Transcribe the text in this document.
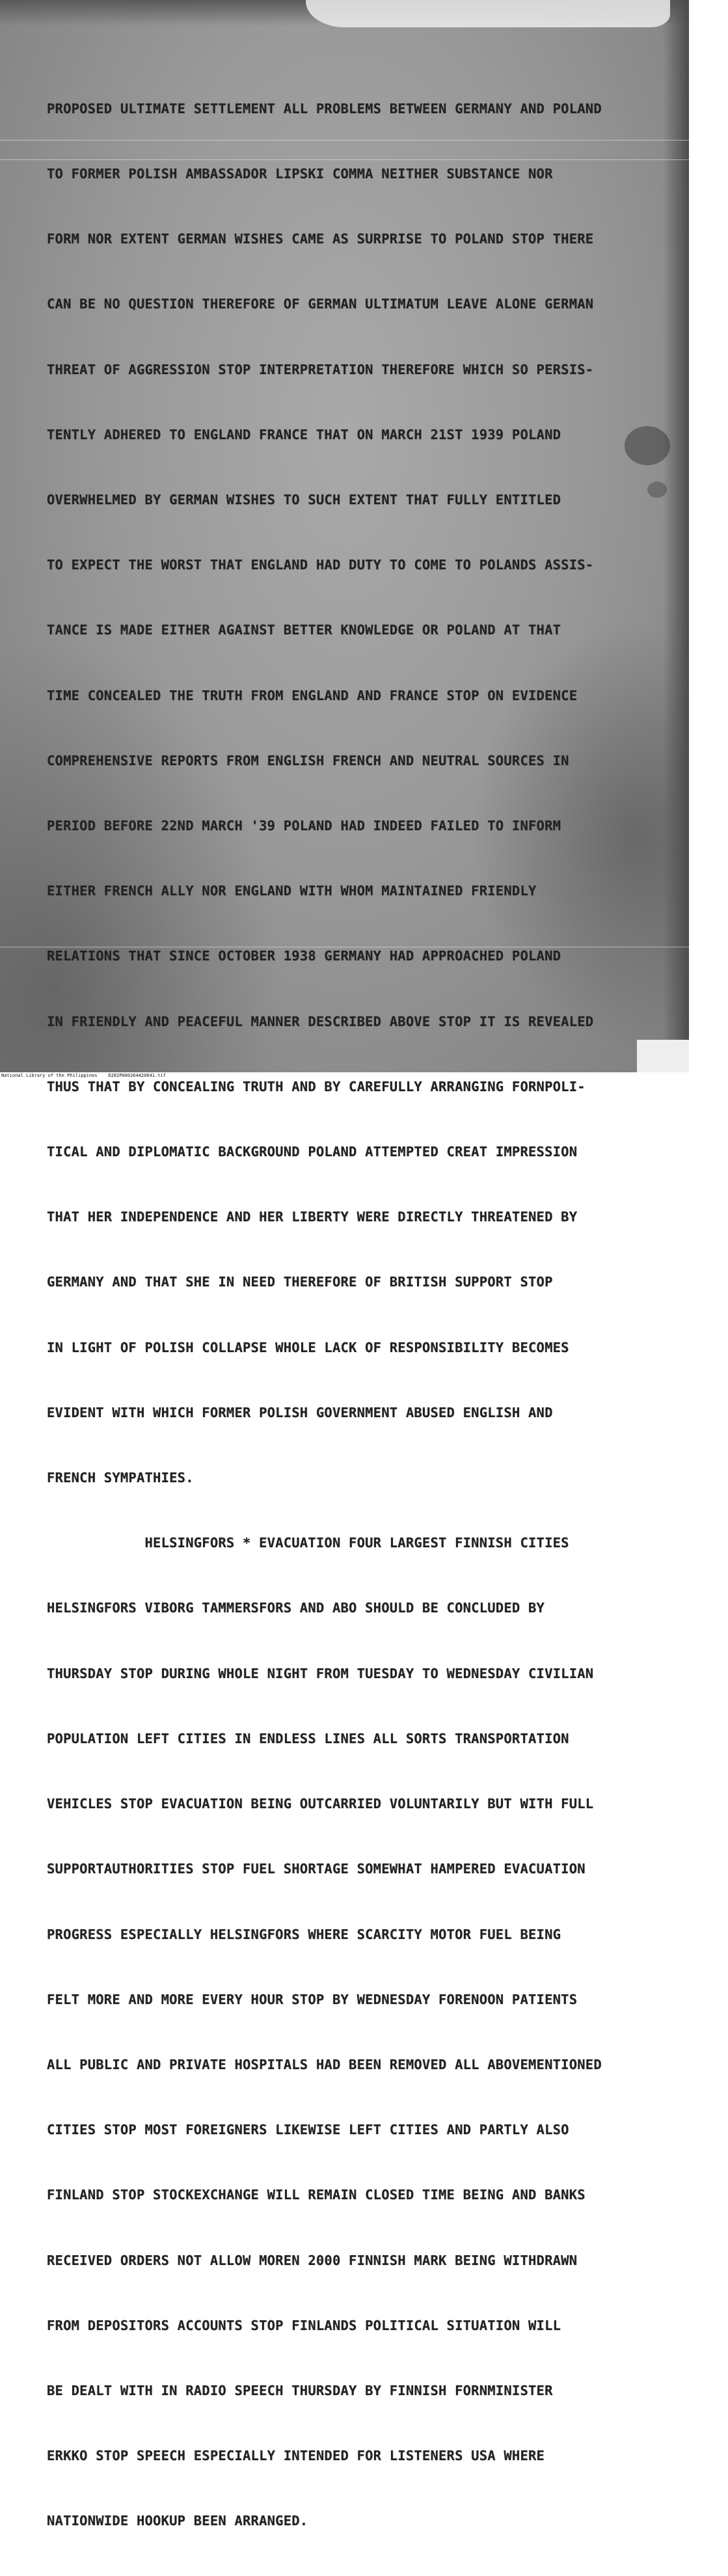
PROPOSED ULTIMATE SETTLEMENT ALL PROBLEMS BETWEEN GERMANY AND POLAND

TO FORMER POLISH AMBASSADOR LIPSKI COMMA NEITHER SUBSTANCE NOR

FORM NOR EXTENT GERMAN WISHES CAME AS SURPRISE TO POLAND STOP THERE

CAN BE NO QUESTION THEREFORE OF GERMAN ULTIMATUM LEAVE ALONE GERMAN

THREAT OF AGGRESSION STOP INTERPRETATION THEREFORE WHICH SO PERSIS-

TENTLY ADHERED TO ENGLAND FRANCE THAT ON MARCH 21ST 1939 POLAND

OVERWHELMED BY GERMAN WISHES TO SUCH EXTENT THAT FULLY ENTITLED

TO EXPECT THE WORST THAT ENGLAND HAD DUTY TO COME TO POLANDS ASSIS-

TANCE IS MADE EITHER AGAINST BETTER KNOWLEDGE OR POLAND AT THAT

TIME CONCEALED THE TRUTH FROM ENGLAND AND FRANCE STOP ON EVIDENCE

COMPREHENSIVE REPORTS FROM ENGLISH FRENCH AND NEUTRAL SOURCES IN

PERIOD BEFORE 22ND MARCH '39 POLAND HAD INDEED FAILED TO INFORM

EITHER FRENCH ALLY NOR ENGLAND WITH WHOM MAINTAINED FRIENDLY

RELATIONS THAT SINCE OCTOBER 1938 GERMANY HAD APPROACHED POLAND

IN FRIENDLY AND PEACEFUL MANNER DESCRIBED ABOVE STOP IT IS REVEALED

THUS THAT BY CONCEALING TRUTH AND BY CAREFULLY ARRANGING FORNPOLI-

TICAL AND DIPLOMATIC BACKGROUND POLAND ATTEMPTED CREAT IMPRESSION

THAT HER INDEPENDENCE AND HER LIBERTY WERE DIRECTLY THREATENED BY

GERMANY AND THAT SHE IN NEED THEREFORE OF BRITISH SUPPORT STOP

IN LIGHT OF POLISH COLLAPSE WHOLE LACK OF RESPONSIBILITY BECOMES

EVIDENT WITH WHICH FORMER POLISH GOVERNMENT ABUSED ENGLISH AND

FRENCH SYMPATHIES.

HELSINGFORS * EVACUATION FOUR LARGEST FINNISH CITIES

HELSINGFORS VIBORG TAMMERSFORS AND ABO SHOULD BE CONCLUDED BY

THURSDAY STOP DURING WHOLE NIGHT FROM TUESDAY TO WEDNESDAY CIVILIAN

POPULATION LEFT CITIES IN ENDLESS LINES ALL SORTS TRANSPORTATION

VEHICLES STOP EVACUATION BEING OUTCARRIED VOLUNTARILY BUT WITH FULL

SUPPORTAUTHORITIES STOP FUEL SHORTAGE SOMEWHAT HAMPERED EVACUATION

PROGRESS ESPECIALLY HELSINGFORS WHERE SCARCITY MOTOR FUEL BEING

FELT MORE AND MORE EVERY HOUR STOP BY WEDNESDAY FORENOON PATIENTS

ALL PUBLIC AND PRIVATE HOSPITALS HAD BEEN REMOVED ALL ABOVEMENTIONED

CITIES STOP MOST FOREIGNERS LIKEWISE LEFT CITIES AND PARTLY ALSO

FINLAND STOP STOCKEXCHANGE WILL REMAIN CLOSED TIME BEING AND BANKS

RECEIVED ORDERS NOT ALLOW MOREN 2000 FINNISH MARK BEING WITHDRAWN

FROM DEPOSITORS ACCOUNTS STOP FINLANDS POLITICAL SITUATION WILL

BE DEALT WITH IN RADIO SPEECH THURSDAY BY FINNISH FORNMINISTER

ERKKO STOP SPEECH ESPECIALLY INTENDED FOR LISTENERS USA WHERE

NATIONWIDE HOOKUP BEEN ARRANGED.

National Library of the Philippines    D282P000264420041.tif
